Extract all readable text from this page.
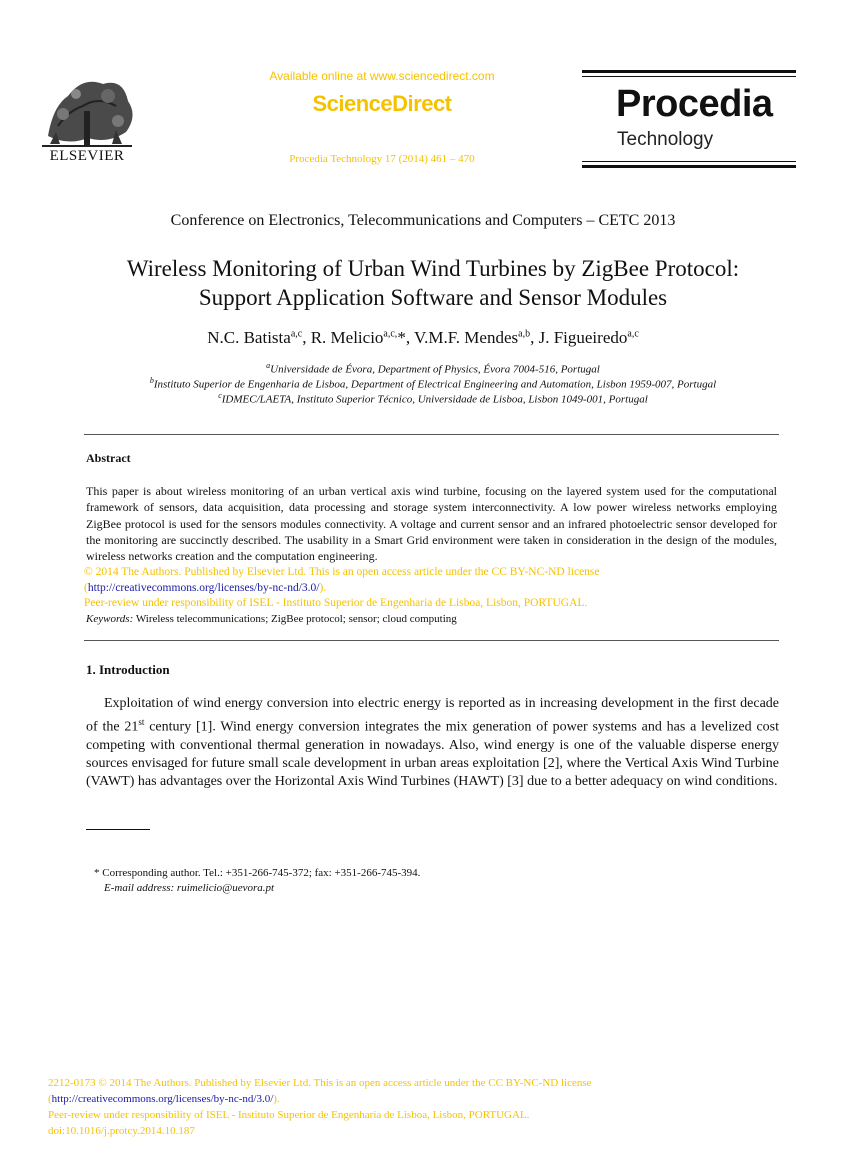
ELSEVIER
Available online at www.sciencedirect.com
ScienceDirect
Procedia Technology 17 (2014) 461 – 470
Procedia
Technology
Conference on Electronics, Telecommunications and Computers – CETC 2013
Wireless Monitoring of Urban Wind Turbines by ZigBee Protocol:
Support Application Software and Sensor Modules
N.C. Batista$^{a,c}$, R. Melicio$^{a,c,}$*, V.M.F. Mendes$^{a,b}$, J. Figueiredo$^{a,c}$
$^a$Universidade de Évora, Department of Physics, Évora 7004-516, Portugal
$^b$Instituto Superior de Engenharia de Lisboa, Department of Electrical Engineering and Automation, Lisbon 1959-007, Portugal
$^c$IDMEC/LAETA, Instituto Superior Técnico, Universidade de Lisboa, Lisbon 1049-001, Portugal
Abstract
This paper is about wireless monitoring of an urban vertical axis wind turbine, focusing on the layered system used for the computational framework of sensors, data acquisition, data processing and storage system interconnectivity. A low power wireless networks employing ZigBee protocol is used for the sensors modules connectivity. A voltage and current sensor and an infrared photoelectric sensor developed for the monitoring are succinctly described. The usability in a Smart Grid environment were taken in consideration in the design of the modules, wireless networks creation and the computation engineering.
© 2014 The Authors. Published by Elsevier Ltd. This is an open access article under the CC BY-NC-ND license
(http://creativecommons.org/licenses/by-nc-nd/3.0/).
Peer-review under responsibility of ISEL - Instituto Superior de Engenharia de Lisboa, Lisbon, PORTUGAL.
Keywords: Wireless telecommunications; ZigBee protocol; sensor; cloud computing
1. Introduction
Exploitation of wind energy conversion into electric energy is reported as in increasing development in the first decade of the 21st century [1]. Wind energy conversion integrates the mix generation of power systems and has a levelized cost competing with conventional thermal generation in nowadays. Also, wind energy is one of the valuable disperse energy sources envisaged for future small scale development in urban areas exploitation [2], where the Vertical Axis Wind Turbine (VAWT) has advantages over the Horizontal Axis Wind Turbines (HAWT) [3] due to a better adequacy on wind conditions.
* Corresponding author. Tel.: +351-266-745-372; fax: +351-266-745-394.
E-mail address: ruimelicio@uevora.pt
2212-0173 © 2014 The Authors. Published by Elsevier Ltd. This is an open access article under the CC BY-NC-ND license
(http://creativecommons.org/licenses/by-nc-nd/3.0/).
Peer-review under responsibility of ISEL - Instituto Superior de Engenharia de Lisboa, Lisbon, PORTUGAL.
doi:10.1016/j.protcy.2014.10.187
